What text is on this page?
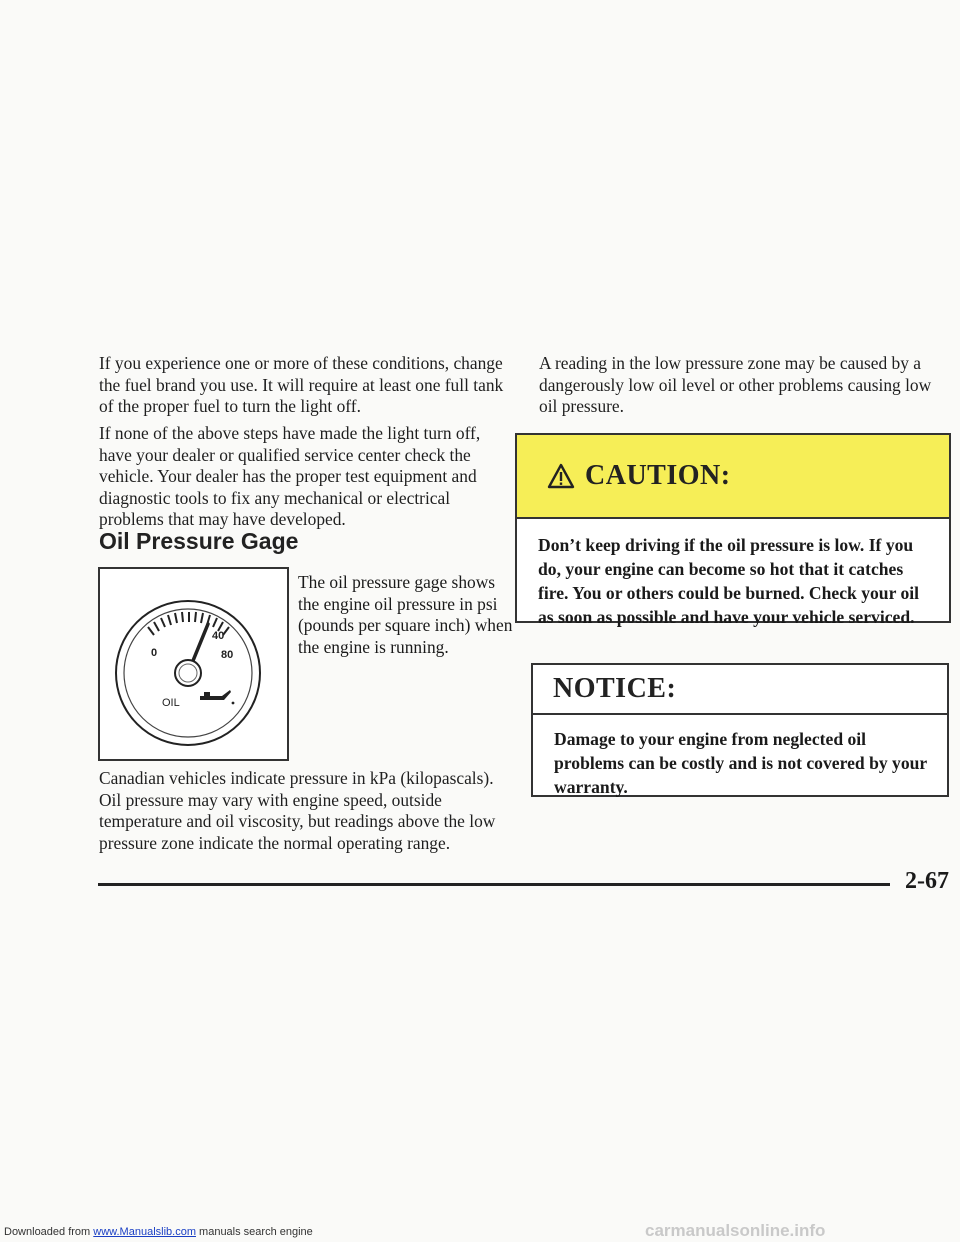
If you experience one or more of these conditions, change the fuel brand you use. It will require at least one full tank of the proper fuel to turn the light off.

If none of the above steps have made the light turn off, have your dealer or qualified service center check the vehicle. Your dealer has the proper test equipment and diagnostic tools to fix any mechanical or electrical problems that may have developed.

Oil Pressure Gage
0
40
80
OIL

The oil pressure gage shows the engine oil pressure in psi (pounds per square inch) when the engine is running.

Canadian vehicles indicate pressure in kPa (kilopascals). Oil pressure may vary with engine speed, outside temperature and oil viscosity, but readings above the low pressure zone indicate the normal operating range.

A reading in the low pressure zone may be caused by a dangerously low oil level or other problems causing low oil pressure.

CAUTION:

Don’t keep driving if the oil pressure is low. If you do, your engine can become so hot that it catches fire. You or others could be burned. Check your oil as soon as possible and have your vehicle serviced.

NOTICE:

Damage to your engine from neglected oil problems can be costly and is not covered by your warranty.

2-67
Downloaded from www.Manualslib.com manuals search engine	carmanualsonline.info
